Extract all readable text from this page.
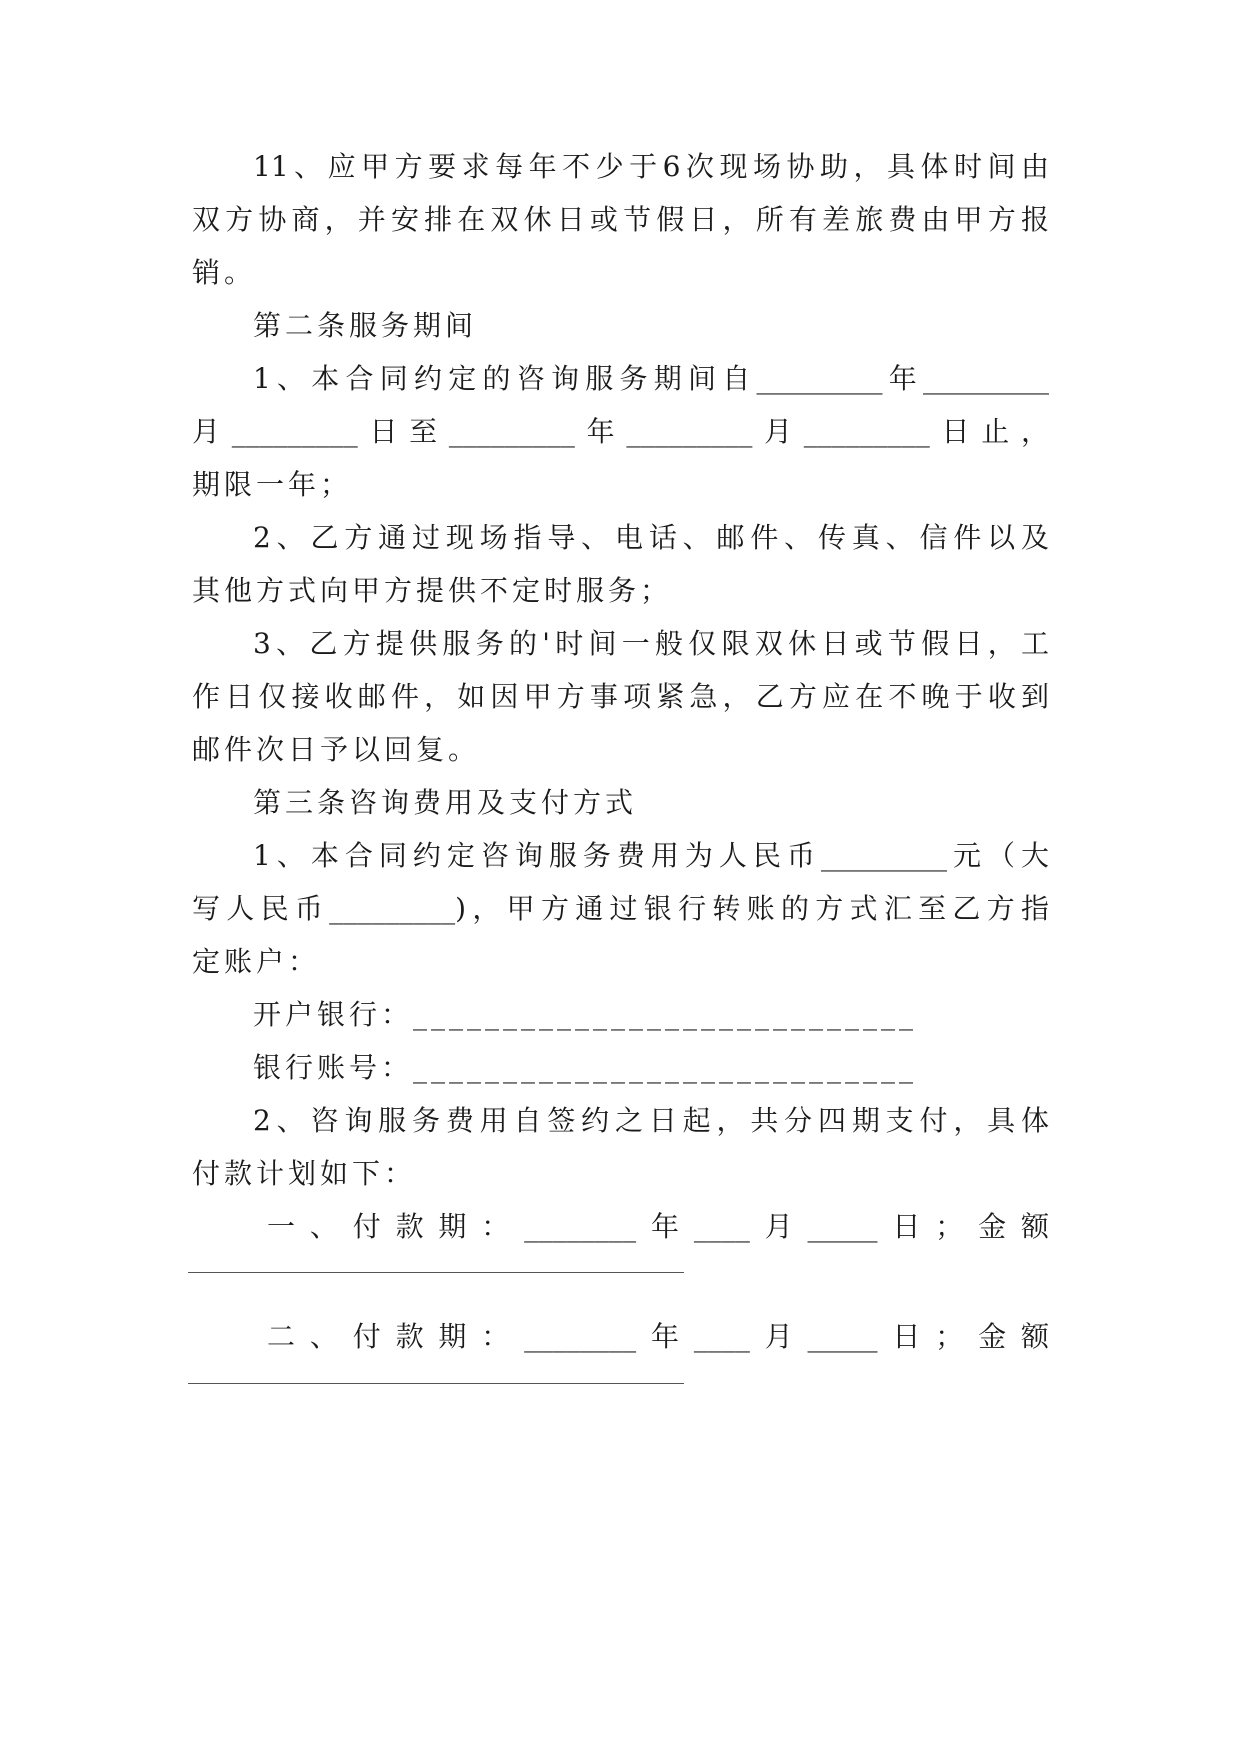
11、应甲方要求每年不少于6次现场协助，具体时间由
双方协商，并安排在双休日或节假日，所有差旅费由甲方报
销。
第二条服务期间
1、本合同约定的咨询服务期间自_________年_________
月_________日至_________年_________月_________日止，
期限一年；
2、乙方通过现场指导、电话、邮件、传真、信件以及
其他方式向甲方提供不定时服务；
3、乙方提供服务的'时间一般仅限双休日或节假日，工
作日仅接收邮件，如因甲方事项紧急，乙方应在不晚于收到
邮件次日予以回复。
第三条咨询费用及支付方式
1、本合同约定咨询服务费用为人民币_________元（大
写人民币_________)，甲方通过银行转账的方式汇至乙方指
定账户：
开户银行：____________________________
银行账号：____________________________
2、咨询服务费用自签约之日起，共分四期支付，具体
付款计划如下：
一、付款期：________年____月_____日；金额
二、付款期：________年____月_____日；金额
